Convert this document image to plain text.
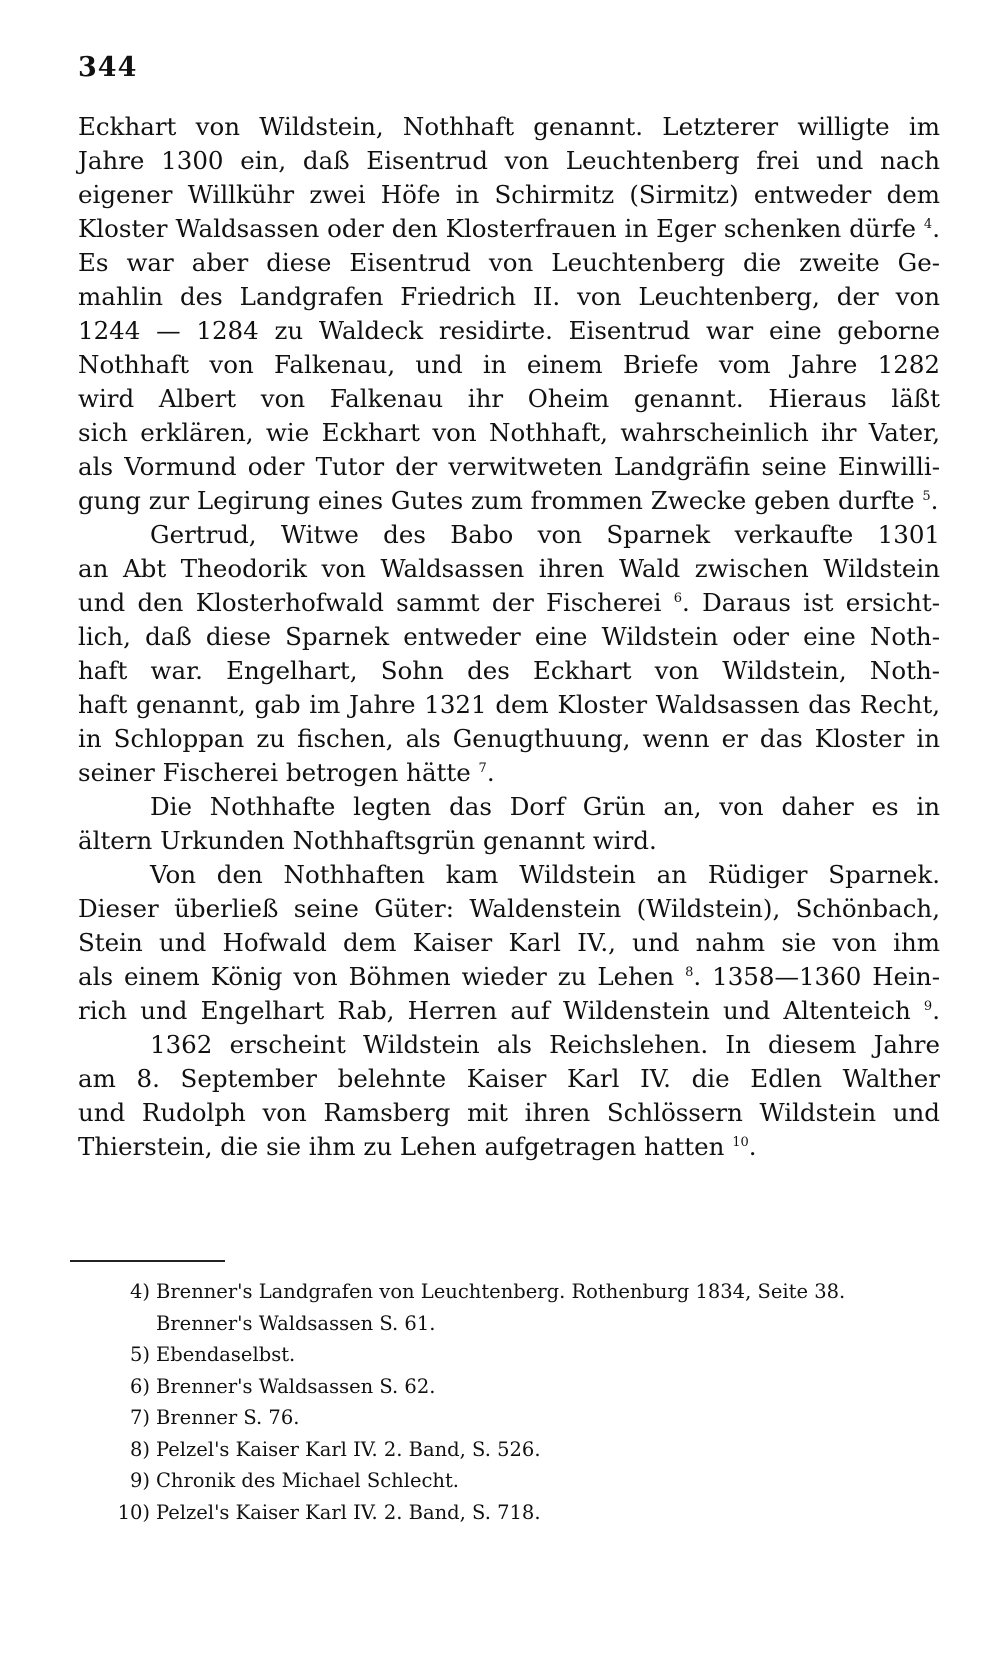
344
Eckhart von Wildstein, Nothhaft genannt. Letzterer willigte im
Jahre 1300 ein, daß Eisentrud von Leuchtenberg frei und nach
eigener Willkühr zwei Höfe in Schirmitz (Sirmitz) entweder dem
Kloster Waldsassen oder den Klosterfrauen in Eger schenken dürfe $^4$.
Es war aber diese Eisentrud von Leuchtenberg die zweite Ge-
mahlin des Landgrafen Friedrich II. von Leuchtenberg, der von
1244 — 1284 zu Waldeck residirte. Eisentrud war eine geborne
Nothhaft von Falkenau, und in einem Briefe vom Jahre 1282
wird Albert von Falkenau ihr Oheim genannt. Hieraus läßt
sich erklären, wie Eckhart von Nothhaft, wahrscheinlich ihr Vater,
als Vormund oder Tutor der verwitweten Landgräfin seine Einwilli-
gung zur Legirung eines Gutes zum frommen Zwecke geben durfte $^5$.
Gertrud, Witwe des Babo von Sparnek verkaufte 1301
an Abt Theodorik von Waldsassen ihren Wald zwischen Wildstein
und den Klosterhofwald sammt der Fischerei $^6$. Daraus ist ersicht-
lich, daß diese Sparnek entweder eine Wildstein oder eine Noth-
haft war. Engelhart, Sohn des Eckhart von Wildstein, Noth-
haft genannt, gab im Jahre 1321 dem Kloster Waldsassen das Recht,
in Schloppan zu fischen, als Genugthuung, wenn er das Kloster in
seiner Fischerei betrogen hätte $^7$.
Die Nothhafte legten das Dorf Grün an, von daher es in
ältern Urkunden Nothhaftsgrün genannt wird.
Von den Nothhaften kam Wildstein an Rüdiger Sparnek.
Dieser überließ seine Güter: Waldenstein (Wildstein), Schönbach,
Stein und Hofwald dem Kaiser Karl IV., und nahm sie von ihm
als einem König von Böhmen wieder zu Lehen $^8$. 1358—1360 Hein-
rich und Engelhart Rab, Herren auf Wildenstein und Altenteich $^9$.
1362 erscheint Wildstein als Reichslehen. In diesem Jahre
am 8. September belehnte Kaiser Karl IV. die Edlen Walther
und Rudolph von Ramsberg mit ihren Schlössern Wildstein und
Thierstein, die sie ihm zu Lehen aufgetragen hatten $^{10}$.
4) Brenner's Landgrafen von Leuchtenberg. Rothenburg 1834, Seite 38.
Brenner's Waldsassen S. 61.
5) Ebendaselbst.
6) Brenner's Waldsassen S. 62.
7) Brenner S. 76.
8) Pelzel's Kaiser Karl IV. 2. Band, S. 526.
9) Chronik des Michael Schlecht.
10) Pelzel's Kaiser Karl IV. 2. Band, S. 718.
